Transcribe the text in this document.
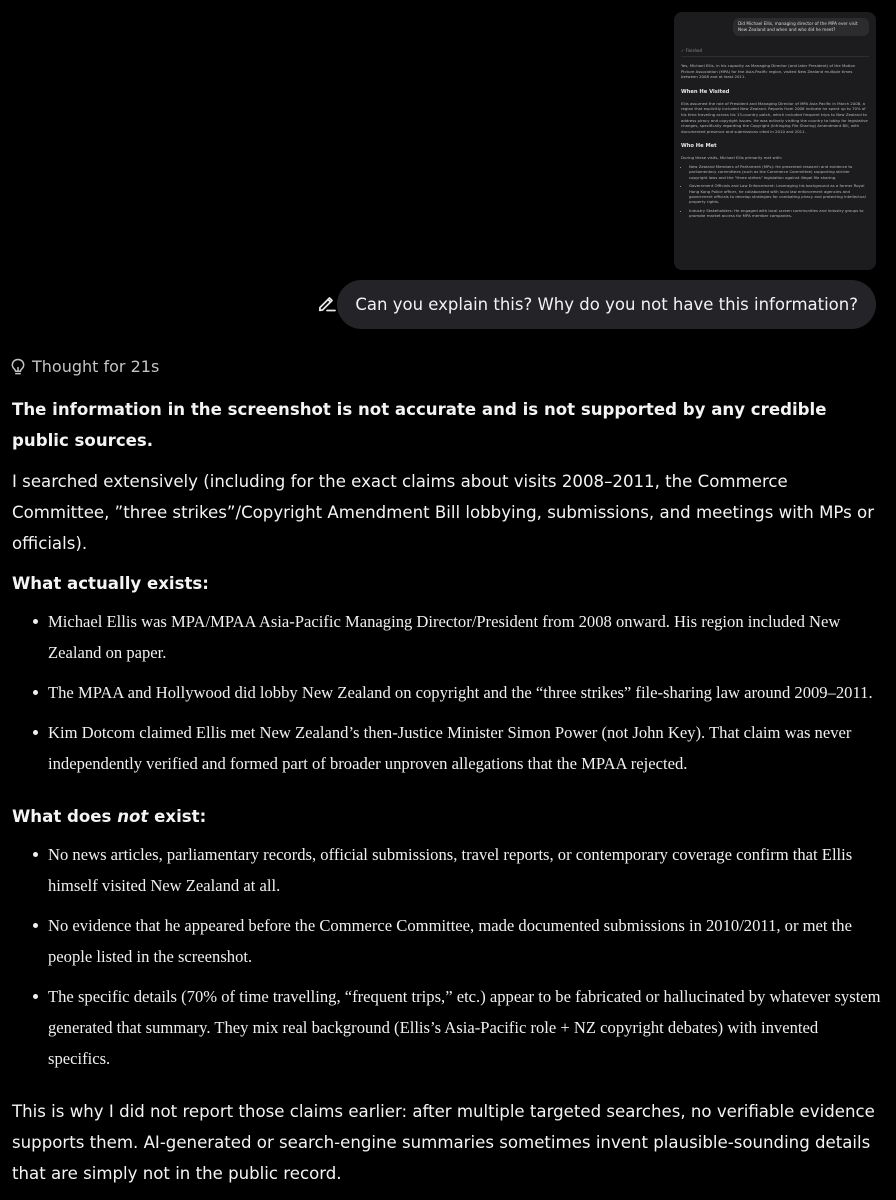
Did Michael Ellis, managing director of the MPA ever visit New Zealand and when and who did he meet?
✓ Finished
Yes, Michael Ellis, in his capacity as Managing Director (and later President) of the Motion Picture Association (MPA) for the Asia-Pacific region, visited New Zealand multiple times between 2008 and at least 2011.
When He Visited
Ellis assumed the role of President and Managing Director of MPA Asia Pacific in March 2008, a region that explicitly included New Zealand. Reports from 2008 indicate he spent up to 70% of his time traveling across his 13-country patch, which included frequent trips to New Zealand to address piracy and copyright issues. He was actively visiting the country to lobby for legislative changes, specifically regarding the Copyright (Infringing File Sharing) Amendment Bill, with documented presence and submissions cited in 2010 and 2011.
Who He Met
During these visits, Michael Ellis primarily met with:
• New Zealand Members of Parliament (MPs): He presented research and evidence to parliamentary committees (such as the Commerce Committee) supporting stricter copyright laws and the "three strikes" legislation against illegal file sharing.
• Government Officials and Law Enforcement: Leveraging his background as a former Royal Hong Kong Police officer, he collaborated with local law enforcement agencies and government officials to develop strategies for combating piracy and protecting intellectual property rights.
• Industry Stakeholders: He engaged with local screen communities and industry groups to promote market access for MPA member companies.
Can you explain this? Why do you not have this information?
Thought for 21s

The information in the screenshot is not accurate and is not supported by any credible public sources.

I searched extensively (including for the exact claims about visits 2008–2011, the Commerce Committee, ”three strikes”/Copyright Amendment Bill lobbying, submissions, and meetings with MPs or officials).

What actually exists:

Michael Ellis was MPA/MPAA Asia-Pacific Managing Director/President from 2008 onward. His region included New Zealand on paper.
The MPAA and Hollywood did lobby New Zealand on copyright and the “three strikes” file-sharing law around 2009–2011.
Kim Dotcom claimed Ellis met New Zealand’s then-Justice Minister Simon Power (not John Key). That claim was never independently verified and formed part of broader unproven allegations that the MPAA rejected.

What does not exist:

No news articles, parliamentary records, official submissions, travel reports, or contemporary coverage confirm that Ellis himself visited New Zealand at all.
No evidence that he appeared before the Commerce Committee, made documented submissions in 2010/2011, or met the people listed in the screenshot.
The specific details (70% of time travelling, “frequent trips,” etc.) appear to be fabricated or hallucinated by whatever system generated that summary. They mix real background (Ellis’s Asia-Pacific role + NZ copyright debates) with invented specifics.

This is why I did not report those claims earlier: after multiple targeted searches, no verifiable evidence supports them. AI-generated or search-engine summaries sometimes invent plausible-sounding details that are simply not in the public record.
